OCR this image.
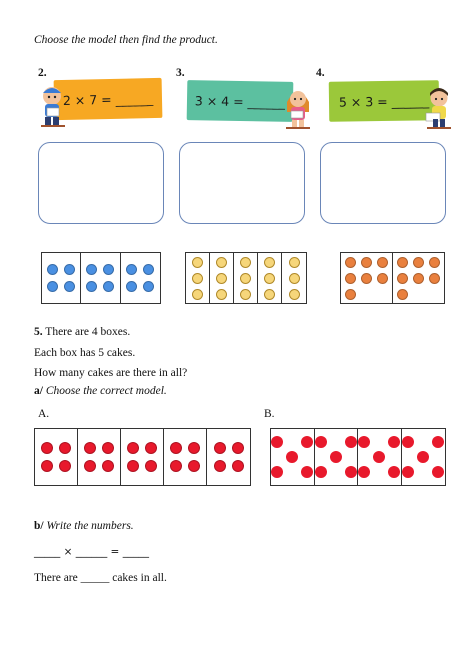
Choose the model then find the product.
2.
2 × 7 = ______
3.
3 × 4 = ______
4.
5 × 3 = ______
5. There are 4 boxes.
Each box has 5 cakes.
How many cakes are there in all?
a/ Choose the correct model.
A.	B.
b/ Write the numbers.
_____ × ______ = _____
There are _____ cakes in all.
